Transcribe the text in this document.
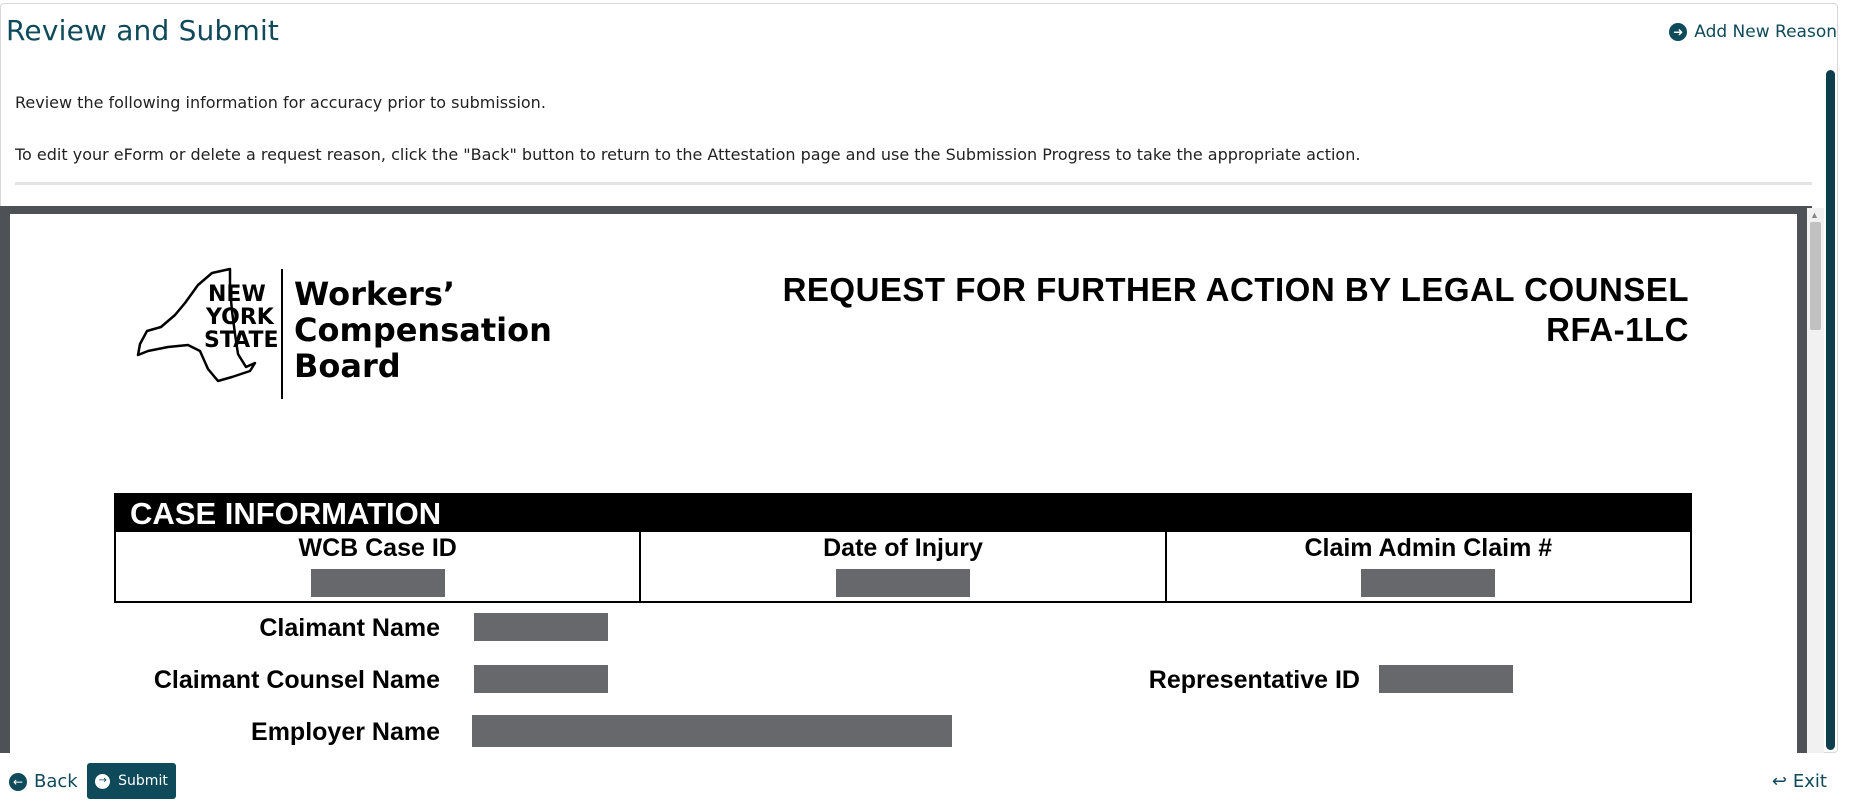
Review and Submit	➜ Add New Reason

Review the following information for accuracy prior to submission.

To edit your eForm or delete a request reason, click the "Back" button to return to the Attestation page and use the Submission Progress to take the appropriate action.

NEW
YORK
STATE
Workers’
Compensation
Board
REQUEST FOR FURTHER ACTION BY LEGAL COUNSEL
RFA-1LC
CASE INFORMATION
WCB Case ID	Date of Injury	Claim Admin Claim #
Claimant Name
Claimant Counsel Name	Representative ID
Employer Name
▲
← Back	→ Submit	↩ Exit
